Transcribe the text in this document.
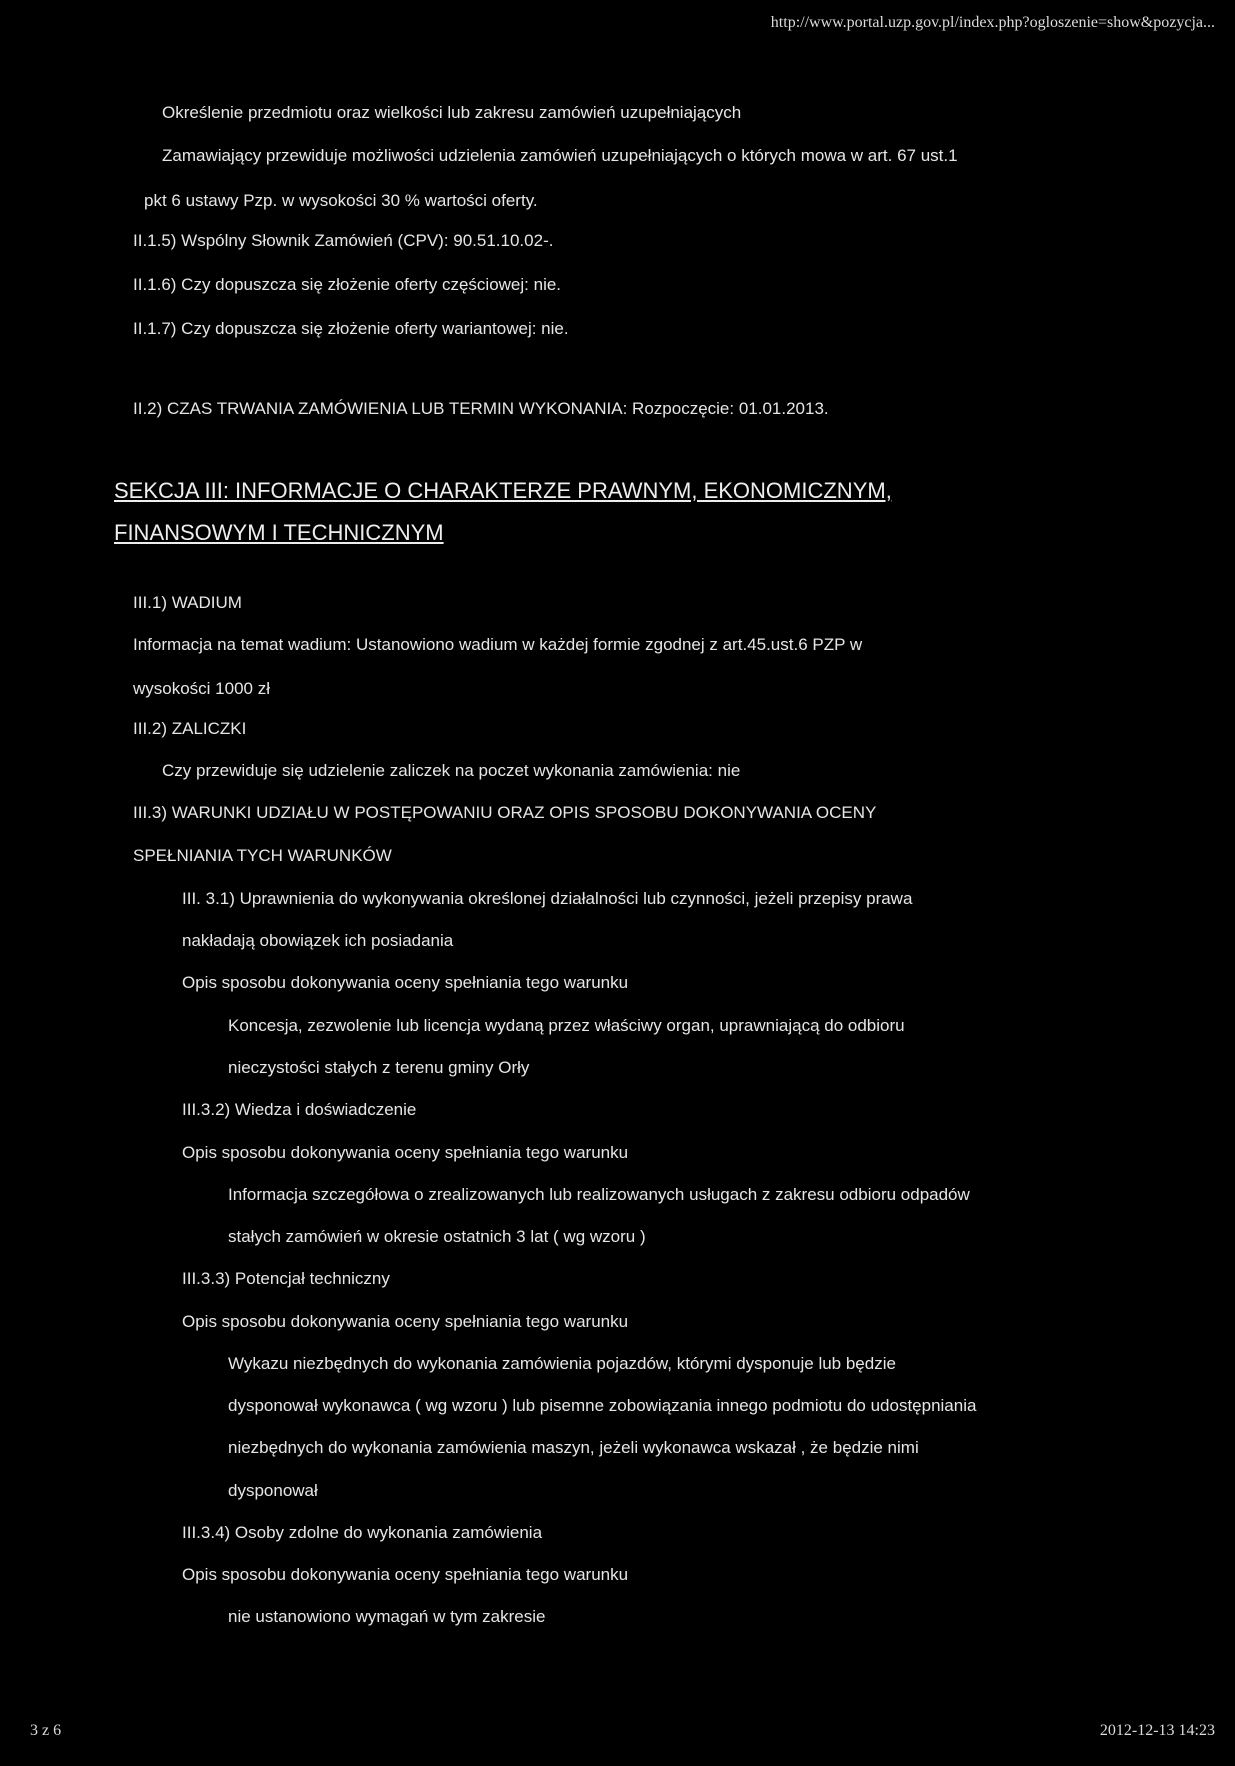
http://www.portal.uzp.gov.pl/index.php?ogloszenie=show&pozycja...
Określenie przedmiotu oraz wielkości lub zakresu zamówień uzupełniających
Zamawiający przewiduje możliwości udzielenia zamówień uzupełniających o których mowa w art. 67 ust.1
pkt 6 ustawy Pzp. w wysokości 30 % wartości oferty.
II.1.5) Wspólny Słownik Zamówień (CPV): 90.51.10.02-.
II.1.6) Czy dopuszcza się złożenie oferty częściowej: nie.
II.1.7) Czy dopuszcza się złożenie oferty wariantowej: nie.
II.2) CZAS TRWANIA ZAMÓWIENIA LUB TERMIN WYKONANIA: Rozpoczęcie: 01.01.2013.
SEKCJA III: INFORMACJE O CHARAKTERZE PRAWNYM, EKONOMICZNYM,
FINANSOWYM I TECHNICZNYM
III.1) WADIUM
Informacja na temat wadium: Ustanowiono wadium w każdej formie zgodnej z art.45.ust.6 PZP w
wysokości 1000 zł
III.2) ZALICZKI
Czy przewiduje się udzielenie zaliczek na poczet wykonania zamówienia: nie
III.3) WARUNKI UDZIAŁU W POSTĘPOWANIU ORAZ OPIS SPOSOBU DOKONYWANIA OCENY
SPEŁNIANIA TYCH WARUNKÓW
III. 3.1) Uprawnienia do wykonywania określonej działalności lub czynności, jeżeli przepisy prawa
nakładają obowiązek ich posiadania
Opis sposobu dokonywania oceny spełniania tego warunku
Koncesja, zezwolenie lub licencja wydaną przez właściwy organ, uprawniającą do odbioru
nieczystości stałych z terenu gminy Orły
III.3.2) Wiedza i doświadczenie
Opis sposobu dokonywania oceny spełniania tego warunku
Informacja szczegółowa o zrealizowanych lub realizowanych usługach z zakresu odbioru odpadów
stałych zamówień w okresie ostatnich 3 lat ( wg wzoru )
III.3.3) Potencjał techniczny
Opis sposobu dokonywania oceny spełniania tego warunku
Wykazu niezbędnych do wykonania zamówienia pojazdów, którymi dysponuje lub będzie
dysponował wykonawca ( wg wzoru ) lub pisemne zobowiązania innego podmiotu do udostępniania
niezbędnych do wykonania zamówienia maszyn, jeżeli wykonawca wskazał , że będzie nimi
dysponował
III.3.4) Osoby zdolne do wykonania zamówienia
Opis sposobu dokonywania oceny spełniania tego warunku
nie ustanowiono wymagań w tym zakresie
3 z 6	2012-12-13 14:23
